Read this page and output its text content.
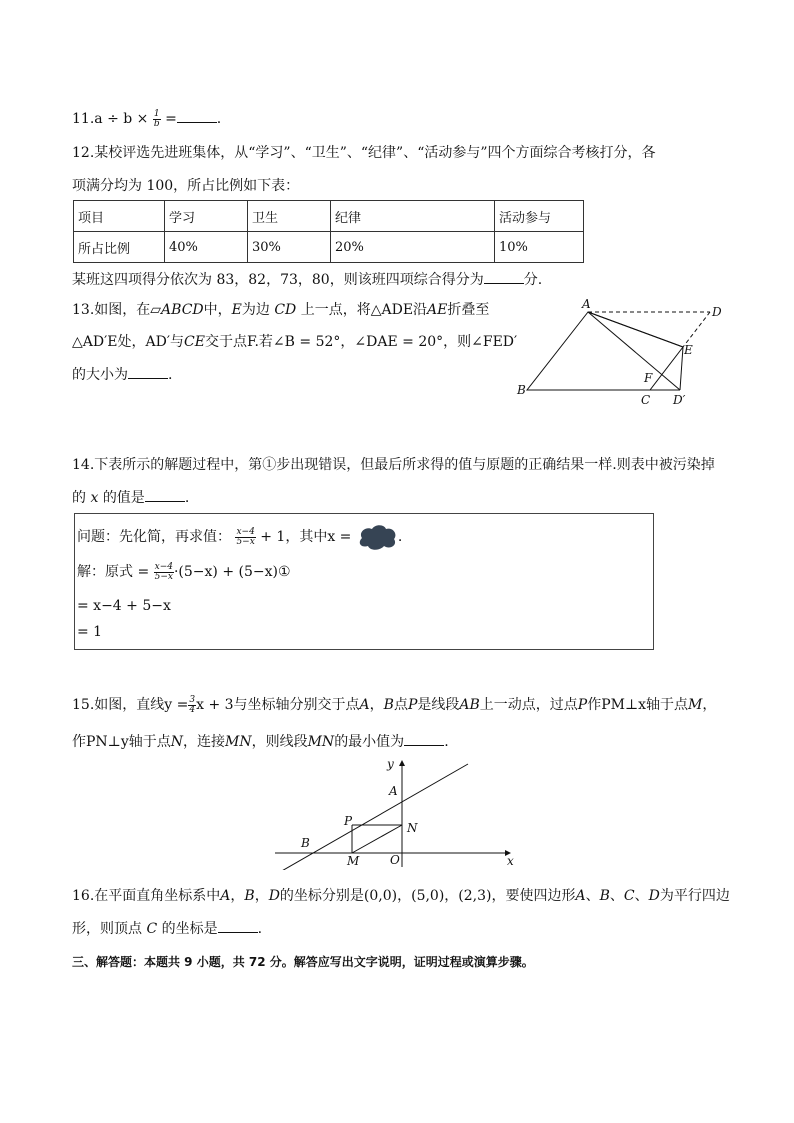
$11.a \div b \times \frac{1}{b}$ =	.
12.某校评选先进班集体，从“学习”、“卫生”、“纪律”、“活动参与”四个方面综合考核打分，各
项满分均为 100，所占比例如下表：
项目	学习	卫生	纪律	活动参与
所占比例	40%	30%	20%	10%
某班这四项得分依次为 83，82，73，80，则该班四项综合得分为	分.
13.如图，在▱ABCD中，E为边 CD 上一点，将△ADE沿AE折叠至
△AD′E处，AD′与CE交于点F.若∠B = 52°，∠DAE = 20°，则∠FED′
的大小为	.
A
D
E
F
B
C D′
14.下表所示的解题过程中，第①步出现错误，但最后所求得的值与原题的正确结果一样.则表中被污染掉
的 x 的值是	.
问题：先化简，再求值： $\frac{x-4}{5-x} + 1$，其中x =	.
解：原式 = $\frac{x-4}{5-x} \cdot(5-x)$ + (5−x)①
= x−4 + 5−x
= 1
15.如图，直线$y = \frac{3}{4}$ x + 3与坐标轴分别交于点A，B点P是线段AB上一动点，过点P作PM⊥x轴于点M，
作PN⊥y轴于点N，连接MN，则线段MN的最小值为	.
y
x
A
B
P	N
M	O
16.在平面直角坐标系中A，B，D的坐标分别是(0,0)，(5,0)，(2,3)，要使四边形A、B、C、D为平行四边
形，则顶点 C 的坐标是	.
三、解答题：本题共 9 小题，共 72 分。解答应写出文字说明，证明过程或演算步骤。
